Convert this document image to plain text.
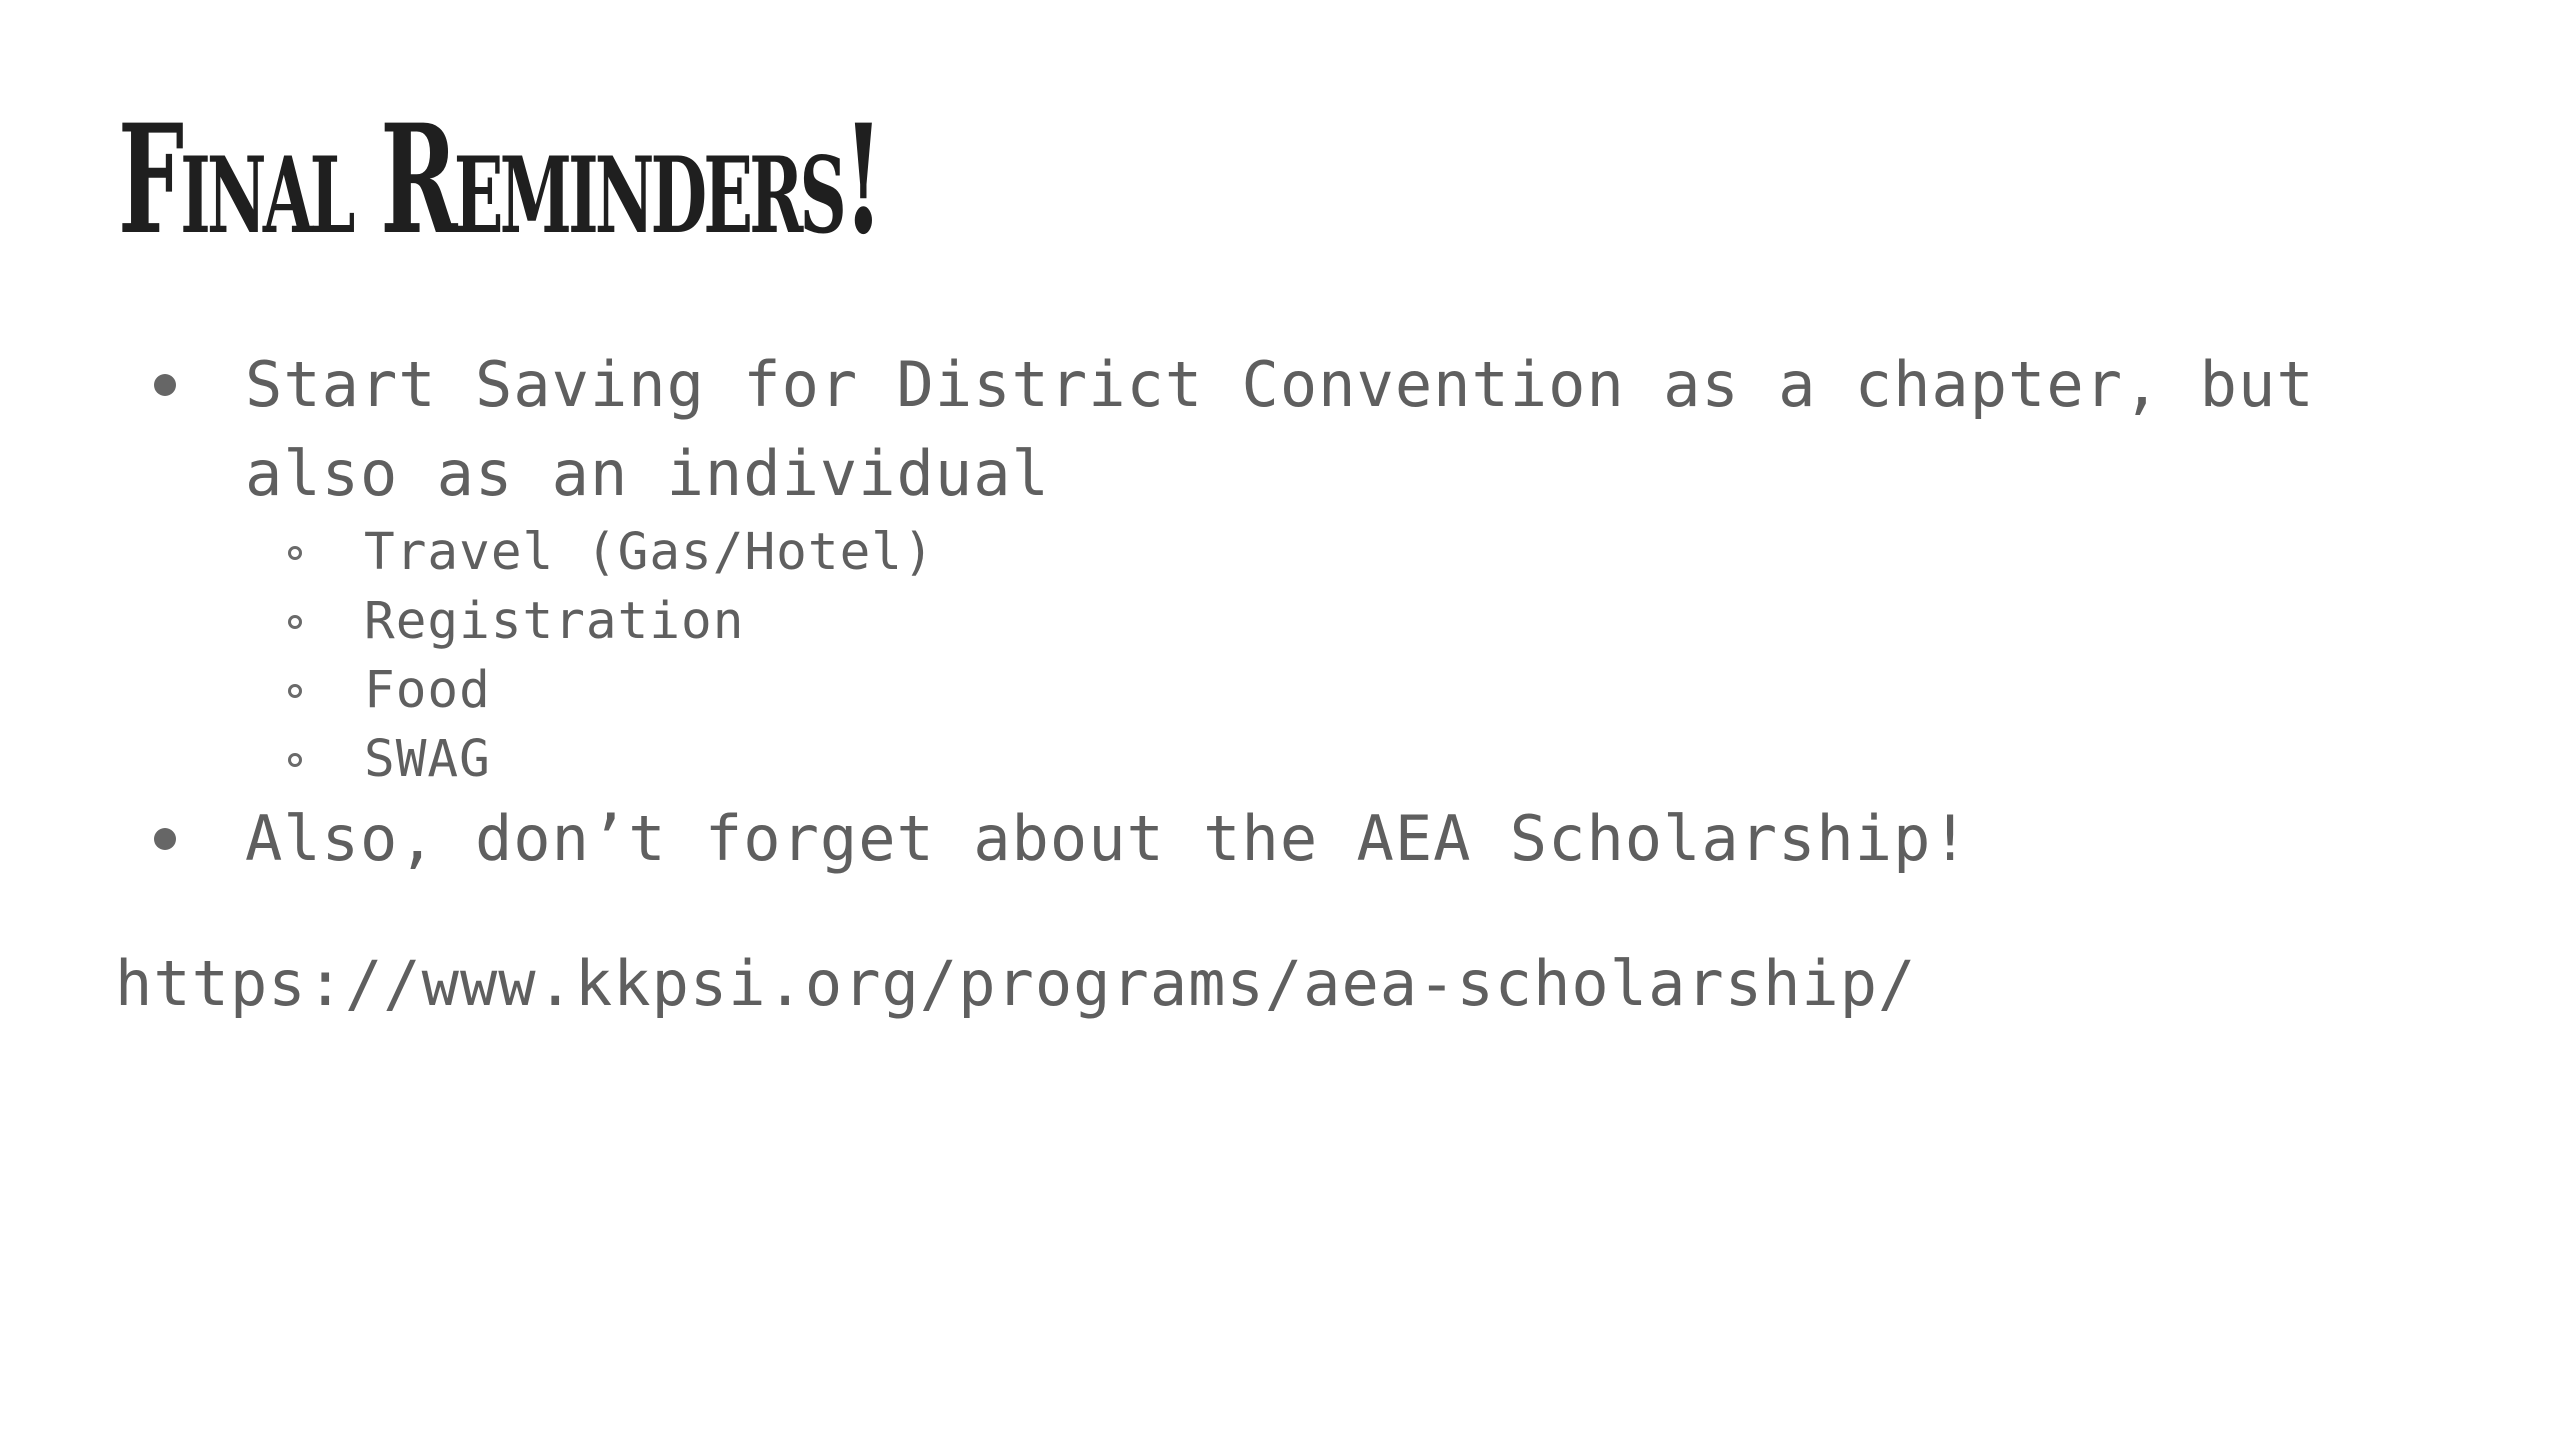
Final Reminders!
Start Saving for District Convention as a chapter, but also as an individual
Travel (Gas/Hotel)
Registration
Food
SWAG
Also, don’t forget about the AEA Scholarship!

https://www.kkpsi.org/programs/aea-scholarship/
